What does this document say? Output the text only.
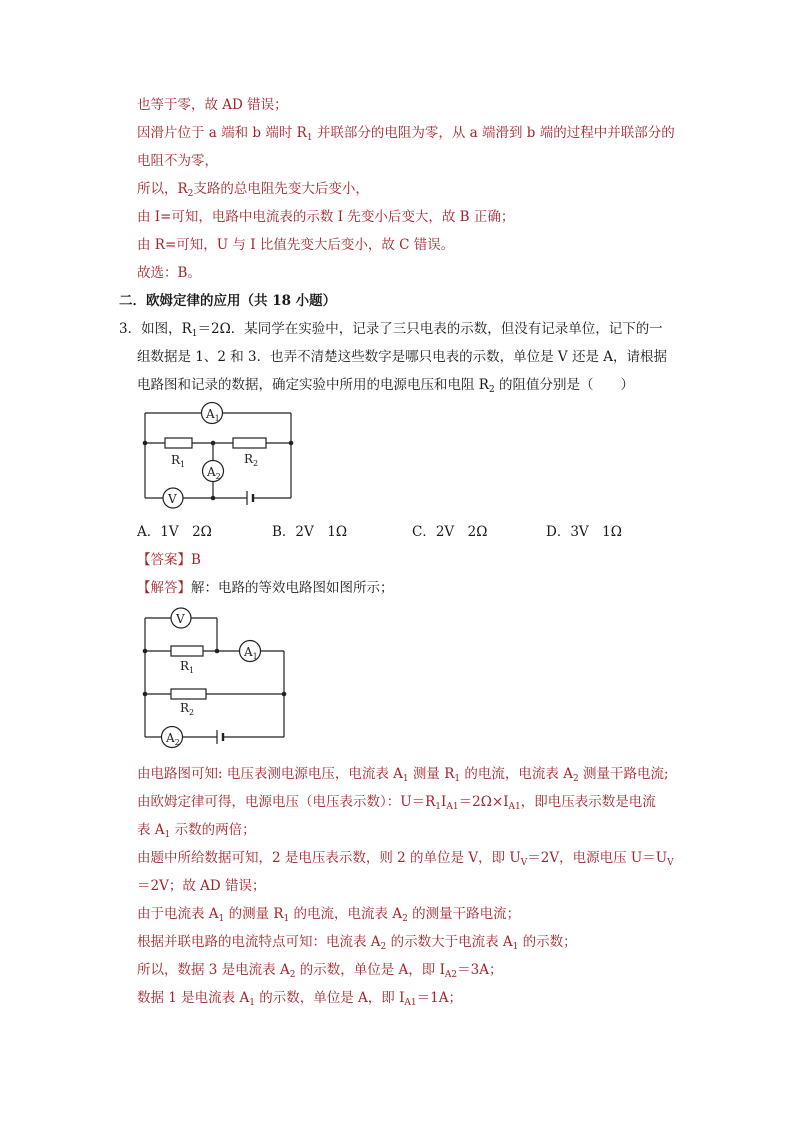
也等于零，故 AD 错误；
因滑片位于 a 端和 b 端时 $R_1$ 并联部分的电阻为零，从 a 端滑到 b 端的过程中并联部分的
电阻不为零，
所以，$R_2$支路的总电阻先变大后变小，
由 I=可知，电路中电流表的示数 I 先变小后变大，故 B 正确；
由 R=可知，U 与 I 比值先变大后变小，故 C 错误。
故选：B。
二．欧姆定律的应用（共 18 小题）
3．如图，$R_1=2\Omega$．某同学在实验中，记录了三只电表的示数，但没有记录单位，记下的一
组数据是 1、2 和 3．也弄不清楚这些数字是哪只电表的示数，单位是 V 还是 A，请根据
电路图和记录的数据，确定实验中所用的电源电压和电阻 $R_2$ 的阻值分别是（　　）
$A_1$
$A_2$
V
$R_1$	$R_2$
A．1V　2Ω	B．2V　1Ω	C．2V　2Ω	D．3V　1Ω
【答案】B
【解答】解：电路的等效电路图如图所示；
V
$A_1$
$A_2$
$R_1$
$R_2$
由电路图可知: 电压表测电源电压，电流表 $A_1$ 测量 $R_1$ 的电流，电流表 $A_2$ 测量干路电流;
由欧姆定律可得，电源电压（电压表示数）：$U=R_1I_{A1}=2\Omega\times I_{A1}$，即电压表示数是电流
表 $A_1$ 示数的两倍；
由题中所给数据可知，2 是电压表示数，则 2 的单位是 V，即 $U_V=2V$，电源电压 $U=U_V$
＝2V；故 AD 错误；
由于电流表 $A_1$ 的测量 $R_1$ 的电流，电流表 $A_2$ 的测量干路电流；
根据并联电路的电流特点可知：电流表 $A_2$ 的示数大于电流表 $A_1$ 的示数；
所以，数据 3 是电流表 $A_2$ 的示数，单位是 A，即 $I_{A2}=3A$；
数据 1 是电流表 $A_1$ 的示数，单位是 A，即 $I_{A1}=1A$；
